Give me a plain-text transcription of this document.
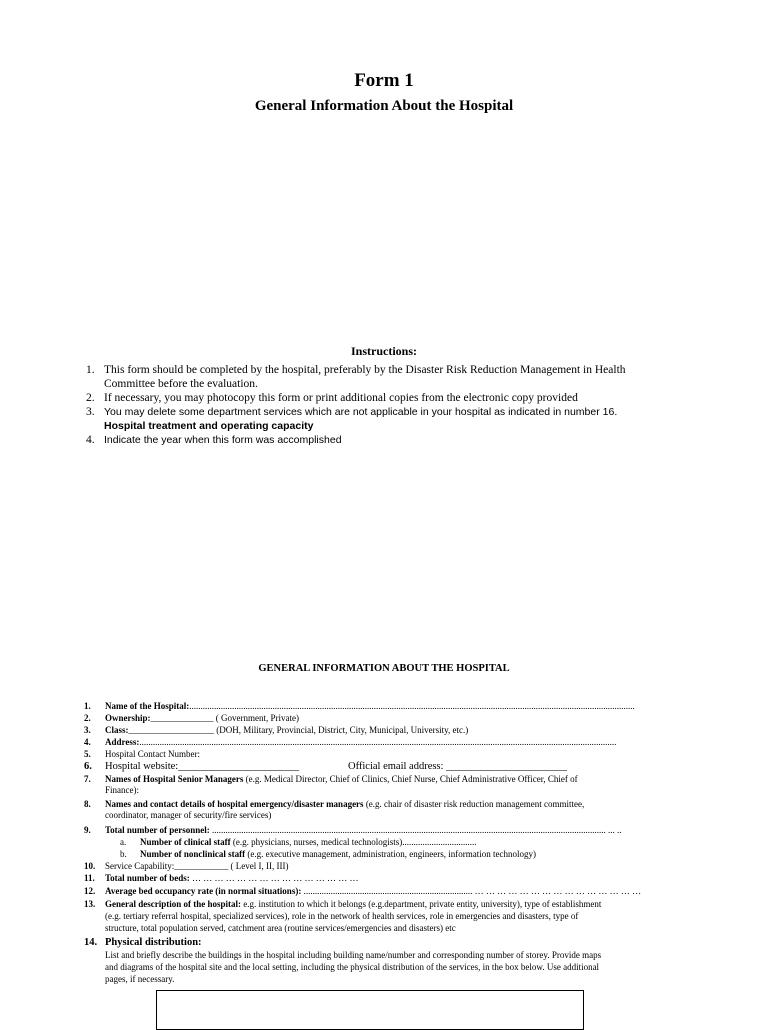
Form 1
General Information About the Hospital
Instructions:
1. This form should be completed by the hospital, preferably by the Disaster Risk Reduction Management in Health
Committee before the evaluation.
2. If necessary, you may photocopy this form or print additional copies from the electronic copy provided
3. You may delete some department services which are not applicable in your hospital as indicated in number 16.
Hospital treatment and operating capacity
4. Indicate the year when this form was accomplished
GENERAL INFORMATION ABOUT THE HOSPITAL
1.	Name of the Hospital:......................................................................................................................................................................................................
2.	Ownership:______________ ( Government, Private)
3.	Class:___________________ (DOH, Military, Provincial, District, City, Municipal, University, etc.)
4.	Address:....................................................................................................................................................................................................................
5.	Hospital Contact Number:
6.	Hospital website:_______________________	Official email address: _______________________
7.	Names of Hospital Senior Managers (e.g. Medical Director, Chief of Clinics, Chief Nurse, Chief Administrative Officer, Chief of
Finance):
8.	Names and contact details of hospital emergency/disaster managers (e.g. chair of disaster risk reduction management committee,
coordinator, manager of security/fire services)
9.	Total number of personnel: ............................................................................................................................................................................... ... ..
a. Number of clinical staff (e.g. physicians, nurses, medical technologists).................................
b. Number of nonclinical staff (e.g. executive management, administration, engineers, information technology)
10.	Service Capability:____________ ( Level I, II, III)
11.	Total number of beds: … … … … … … … … … … … … … … …
12.	Average bed occupancy rate (in normal situations): ........................................................................... … … … … … … … … … … … … … … …
13.	General description of the hospital: e.g. institution to which it belongs (e.g.department, private entity, university), type of establishment
(e.g. tertiary referral hospital, specialized services), role in the network of health services, role in emergencies and disasters, type of
structure, total population served, catchment area (routine services/emergencies and disasters) etc
14. Physical distribution:
List and briefly describe the buildings in the hospital including building name/number and corresponding number of storey. Provide maps
and diagrams of the hospital site and the local setting, including the physical distribution of the services, in the box below. Use additional
pages, if necessary.
